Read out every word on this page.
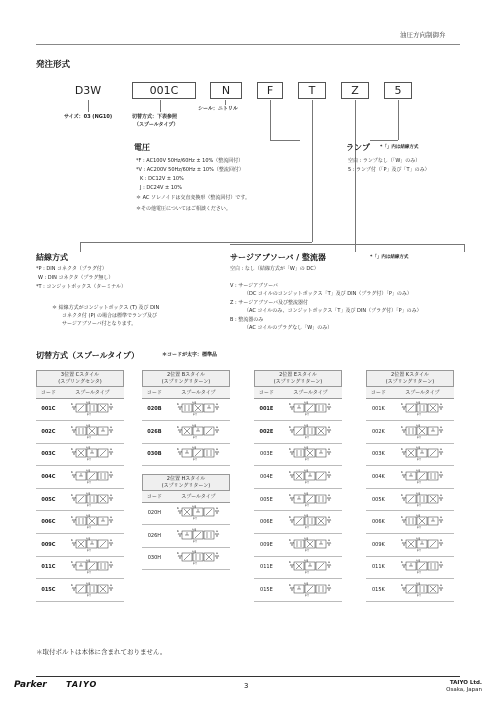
油圧方向制御弁
発注形式
D3W	001C	N	F	T	Z	5
サイズ：03 (NG10)	切替方式：下表参照
（スプールタイプ）
シール：ニトリル
電圧
*F : AC100V 50Hz/60Hz ± 10%（整流回付）
*V : AC200V 50Hz/60Hz ± 10%（整流回付）
K : DC12V ± 10%
J : DC24V ± 10%
＊ AC ソレノイドは交直変換形（整流回付）です。
＊その他電圧についてはご相談ください。
ランプ *「」内は結線方式
空白 : ランプなし（「W」のみ）
5 : ランプ付（「P」及び「T」のみ）
結線方式
*P : DIN コネクタ（プラグ付）
W : DIN コネクタ（プラグ無し）
*T : コンジットボックス（ターミナル）
＊ 結線方式がコンジットボックス (T) 及び DIN
コネクタ付 (P) の場合は標準でランプ及び
サージアブソーバ付となります。
サージアブソーバ / 整流器	*「」内は結線方式
空白 : なし（結線方式が「W」の DC）
V : サージアブソーバ
（DC コイルのコンジットボックス「T」及び DIN（プラグ付）「P」のみ）
Z : サージアブソーバ及び整流器付
（AC コイルのみ、コンジットボックス「T」及び DIN（プラグ付）「P」のみ）
B : 整流器のみ
（AC コイルのプラグなし「W」のみ）
切替方式（スプールタイプ）	＊コードが太字：標準品
3位置 Cスタイル
(スプリングセンタ)
コード	スプールタイプ
001C	b a
A B
P T

002C	b a
A B
P T

003C	b a
A B
P T

004C	b a
A B
P T

005C	b a
A B
P T

006C	b a
A B
P T

009C	b a
A B
P T

011C	b a
A B
P T

015C	b a
A B
P T
2位置 Bスタイル
(スプリングリターン)
コード	スプールタイプ
020B	b a
A B
P T

026B	b a
A B
P T

030B	b a
A B
P T
2位置 Hスタイル
(スプリングリターン)
コード	スプールタイプ
020H	b a
A B
P T

026H	b a
A B
P T

030H	b a
A B
P T
2位置 Eスタイル
(スプリングリターン)
コード	スプールタイプ
001E	b a
A B
P T

002E	b a
A B
P T

003E	b a
A B
P T

004E	b a
A B
P T

005E	b a
A B
P T

006E	b a
A B
P T

009E	b a
A B
P T

011E	b a
A B
P T

015E	b a
A B
P T
2位置 Kスタイル
(スプリングリターン)
コード	スプールタイプ
001K	b a
A B
P T

002K	b a
A B
P T

003K	b a
A B
P T

004K	b a
A B
P T

005K	b a
A B
P T

006K	b a
A B
P T

009K	b a
A B
P T

011K	b a
A B
P T

015K	b a
A B
P T
＊取付ボルトは本体に含まれておりません。
Parker TAIYO	3	TAIYO Ltd.
Osaka, Japan
